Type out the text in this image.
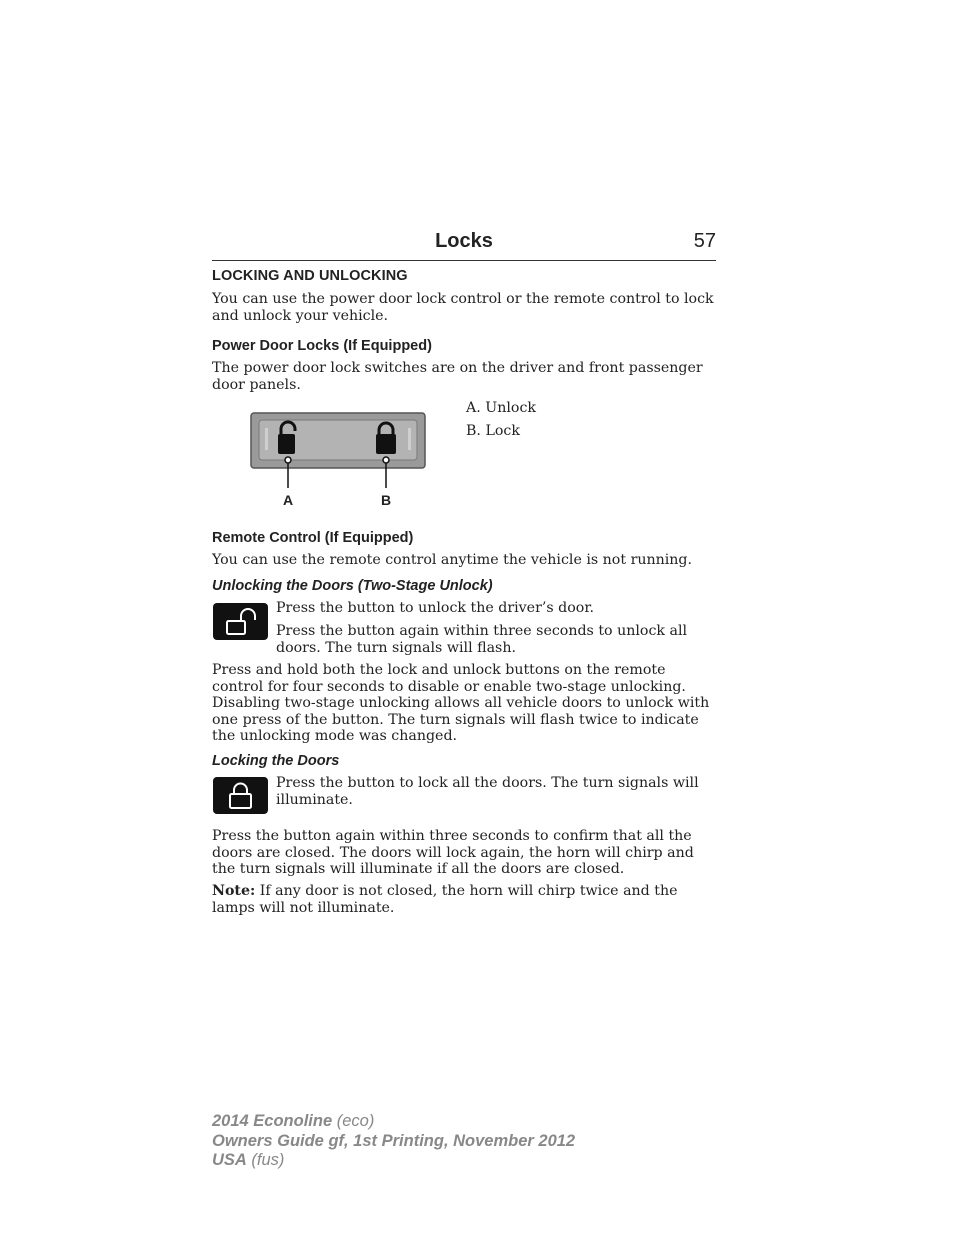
Locks	57
LOCKING AND UNLOCKING

You can use the power door lock control or the remote control to lock and unlock your vehicle.

Power Door Locks (If Equipped)

The power door lock switches are on the driver and front passenger door panels.

A	B
A. Unlock
B. Lock
Remote Control (If Equipped)

You can use the remote control anytime the vehicle is not running.

Unlocking the Doors (Two-Stage Unlock)
Press the button to unlock the driver’s door.
Press the button again within three seconds to unlock all doors. The turn signals will flash.

Press and hold both the lock and unlock buttons on the remote control for four seconds to disable or enable two-stage unlocking. Disabling two-stage unlocking allows all vehicle doors to unlock with one press of the button. The turn signals will flash twice to indicate the unlocking mode was changed.

Locking the Doors
Press the button to lock all the doors. The turn signals will illuminate.

Press the button again within three seconds to confirm that all the doors are closed. The doors will lock again, the horn will chirp and the turn signals will illuminate if all the doors are closed.

Note: If any door is not closed, the horn will chirp twice and the lamps will not illuminate.

2014 Econoline (eco)
Owners Guide gf, 1st Printing, November 2012
USA (fus)
